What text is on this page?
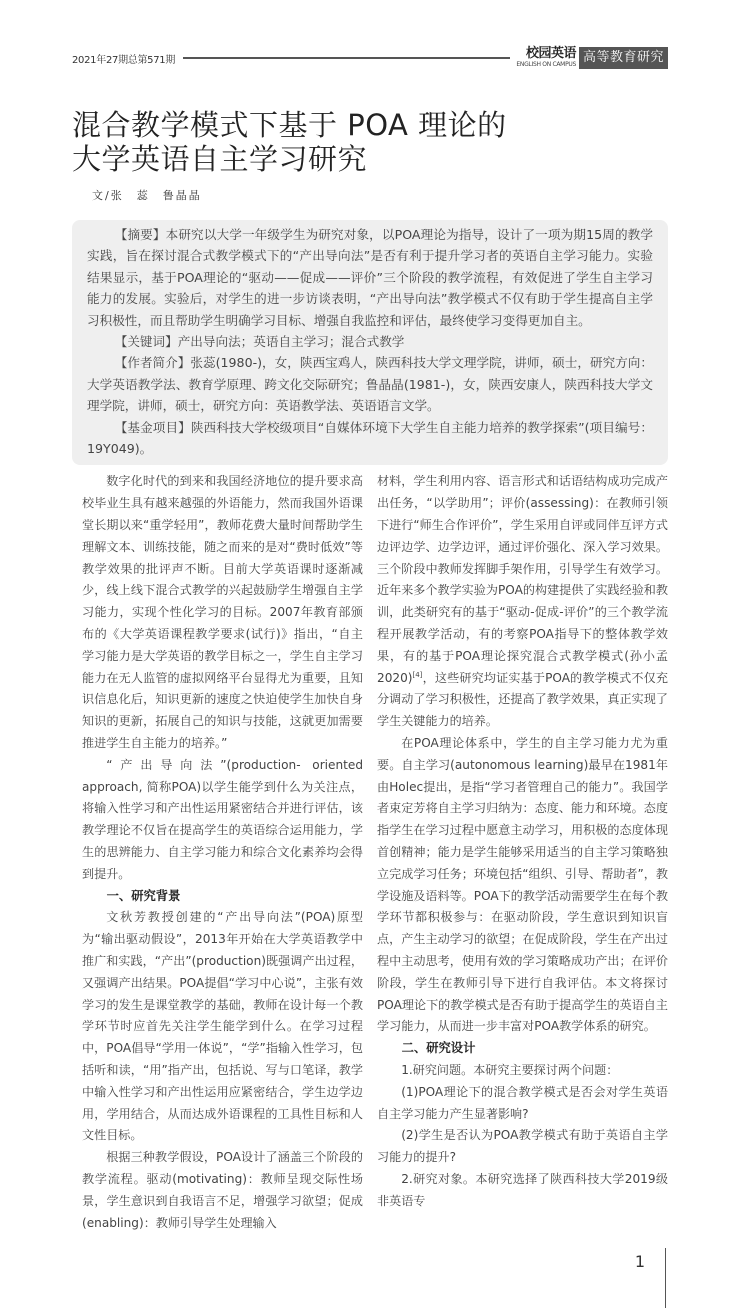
2021年27期总第571期	校园英语
ENGLISH ON CAMPUS 高等教育研究
混合教学模式下基于 POA 理论的
大学英语自主学习研究
文/张　蕊　鲁晶晶

【摘要】本研究以大学一年级学生为研究对象，以POA理论为指导，设计了一项为期15周的教学实践，旨在探讨混合式教学模式下的“产出导向法”是否有利于提升学习者的英语自主学习能力。实验结果显示，基于POA理论的“驱动——促成——评价”三个阶段的教学流程，有效促进了学生自主学习能力的发展。实验后，对学生的进一步访谈表明，“产出导向法”教学模式不仅有助于学生提高自主学习积极性，而且帮助学生明确学习目标、增强自我监控和评估，最终使学习变得更加自主。

【关键词】产出导向法；英语自主学习；混合式教学

【作者简介】张蕊(1980-)，女，陕西宝鸡人，陕西科技大学文理学院，讲师，硕士，研究方向：大学英语教学法、教育学原理、跨文化交际研究；鲁晶晶(1981-)，女，陕西安康人，陕西科技大学文理学院，讲师，硕士，研究方向：英语教学法、英语语言文学。

【基金项目】陕西科技大学校级项目“自媒体环境下大学生自主能力培养的教学探索”(项目编号：19Y049)。

数字化时代的到来和我国经济地位的提升要求高校毕业生具有越来越强的外语能力，然而我国外语课堂长期以来“重学轻用”，教师花费大量时间帮助学生理解文本、训练技能，随之而来的是对“费时低效”等教学效果的批评声不断。目前大学英语课时逐渐减少，线上线下混合式教学的兴起鼓励学生增强自主学习能力，实现个性化学习的目标。2007年教育部颁布的《大学英语课程教学要求(试行)》指出，“自主学习能力是大学英语的教学目标之一，学生自主学习能力在无人监管的虚拟网络平台显得尤为重要，且知识信息化后，知识更新的速度之快迫使学生加快自身知识的更新，拓展自己的知识与技能，这就更加需要推进学生自主能力的培养。”

“产出导向法”(production- oriented approach, 简称POA)以学生能学到什么为关注点，将输入性学习和产出性运用紧密结合并进行评估，该教学理论不仅旨在提高学生的英语综合运用能力，学生的思辨能力、自主学习能力和综合文化素养均会得到提升。

一、研究背景

文秋芳教授创建的“产出导向法”(POA)原型为“输出驱动假设”，2013年开始在大学英语教学中推广和实践，“产出”(production)既强调产出过程，又强调产出结果。POA提倡“学习中心说”，主张有效学习的发生是课堂教学的基础，教师在设计每一个教学环节时应首先关注学生能学到什么。在学习过程中，POA倡导“学用一体说”，“学”指输入性学习，包括听和读，“用”指产出，包括说、写与口笔译，教学中输入性学习和产出性运用应紧密结合，学生边学边用，学用结合，从而达成外语课程的工具性目标和人文性目标。

根据三种教学假设，POA设计了涵盖三个阶段的教学流程。驱动(motivating)：教师呈现交际性场景，学生意识到自我语言不足，增强学习欲望；促成(enabling)：教师引导学生处理输入

材料，学生利用内容、语言形式和话语结构成功完成产出任务，“以学助用”；评价(assessing)：在教师引领下进行“师生合作评价”，学生采用自评或同伴互评方式边评边学、边学边评，通过评价强化、深入学习效果。三个阶段中教师发挥脚手架作用，引导学生有效学习。近年来多个教学实验为POA的构建提供了实践经验和教训，此类研究有的基于“驱动-促成-评价”的三个教学流程开展教学活动，有的考察POA指导下的整体教学效果，有的基于POA理论探究混合式教学模式(孙小孟2020)[4]，这些研究均证实基于POA的教学模式不仅充分调动了学习积极性，还提高了教学效果，真正实现了学生关键能力的培养。

在POA理论体系中，学生的自主学习能力尤为重要。自主学习(autonomous learning)最早在1981年由Holec提出，是指“学习者管理自己的能力”。我国学者束定芳将自主学习归纳为：态度、能力和环境。态度指学生在学习过程中愿意主动学习，用积极的态度体现首创精神；能力是学生能够采用适当的自主学习策略独立完成学习任务；环境包括“组织、引导、帮助者”，教学设施及语料等。POA下的教学活动需要学生在每个教学环节都积极参与：在驱动阶段，学生意识到知识盲点，产生主动学习的欲望；在促成阶段，学生在产出过程中主动思考，使用有效的学习策略成功产出；在评价阶段，学生在教师引导下进行自我评估。本文将探讨POA理论下的教学模式是否有助于提高学生的英语自主学习能力，从而进一步丰富对POA教学体系的研究。

二、研究设计

1.研究问题。本研究主要探讨两个问题：

(1)POA理论下的混合教学模式是否会对学生英语自主学习能力产生显著影响?

(2)学生是否认为POA教学模式有助于英语自主学习能力的提升?

2.研究对象。本研究选择了陕西科技大学2019级非英语专

1
